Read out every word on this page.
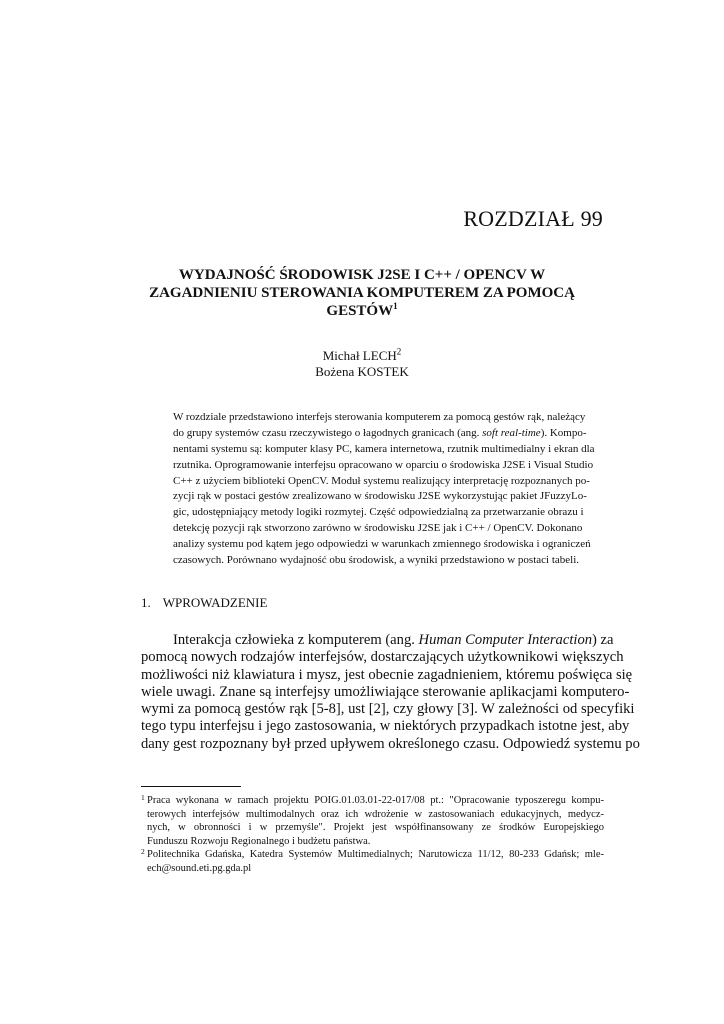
ROZDZIAŁ 99
WYDAJNOŚĆ ŚRODOWISK J2SE I C++ / OPENCV W
ZAGADNIENIU STEROWANIA KOMPUTEREM ZA POMOCĄ
GESTÓW$^1$
Michał LECH$^2$
Bożena KOSTEK
W rozdziale przedstawiono interfejs sterowania komputerem za pomocą gestów rąk, należący
do grupy systemów czasu rzeczywistego o łagodnych granicach (ang. soft real-time). Kompo-
nentami systemu są: komputer klasy PC, kamera internetowa, rzutnik multimedialny i ekran dla
rzutnika. Oprogramowanie interfejsu opracowano w oparciu o środowiska J2SE i Visual Studio
C++ z użyciem biblioteki OpenCV. Moduł systemu realizujący interpretację rozpoznanych po-
zycji rąk w postaci gestów zrealizowano w środowisku J2SE wykorzystując pakiet JFuzzyLo-
gic, udostępniający metody logiki rozmytej. Część odpowiedzialną za przetwarzanie obrazu i
detekcję pozycji rąk stworzono zarówno w środowisku J2SE jak i C++ / OpenCV. Dokonano
analizy systemu pod kątem jego odpowiedzi w warunkach zmiennego środowiska i ograniczeń
czasowych. Porównano wydajność obu środowisk, a wyniki przedstawiono w postaci tabeli.
1. WPROWADZENIE
Interakcja człowieka z komputerem (ang. Human Computer Interaction) za
pomocą nowych rodzajów interfejsów, dostarczających użytkownikowi większych
możliwości niż klawiatura i mysz, jest obecnie zagadnieniem, któremu poświęca się
wiele uwagi. Znane są interfejsy umożliwiające sterowanie aplikacjami komputero-
wymi za pomocą gestów rąk [5-8], ust [2], czy głowy [3]. W zależności od specyfiki
tego typu interfejsu i jego zastosowania, w niektórych przypadkach istotne jest, aby
dany gest rozpoznany był przed upływem określonego czasu. Odpowiedź systemu po
1 Praca wykonana w ramach projektu POIG.01.03.01-22-017/08 pt.: "Opracowanie typoszeregu kompu-
terowych interfejsów multimodalnych oraz ich wdrożenie w zastosowaniach edukacyjnych, medycz-
nych, w obronności i w przemyśle". Projekt jest współfinansowany ze środków Europejskiego
Funduszu Rozwoju Regionalnego i budżetu państwa.
2 Politechnika Gdańska, Katedra Systemów Multimedialnych; Narutowicza 11/12, 80-233 Gdańsk; mle-
ech@sound.eti.pg.gda.pl
